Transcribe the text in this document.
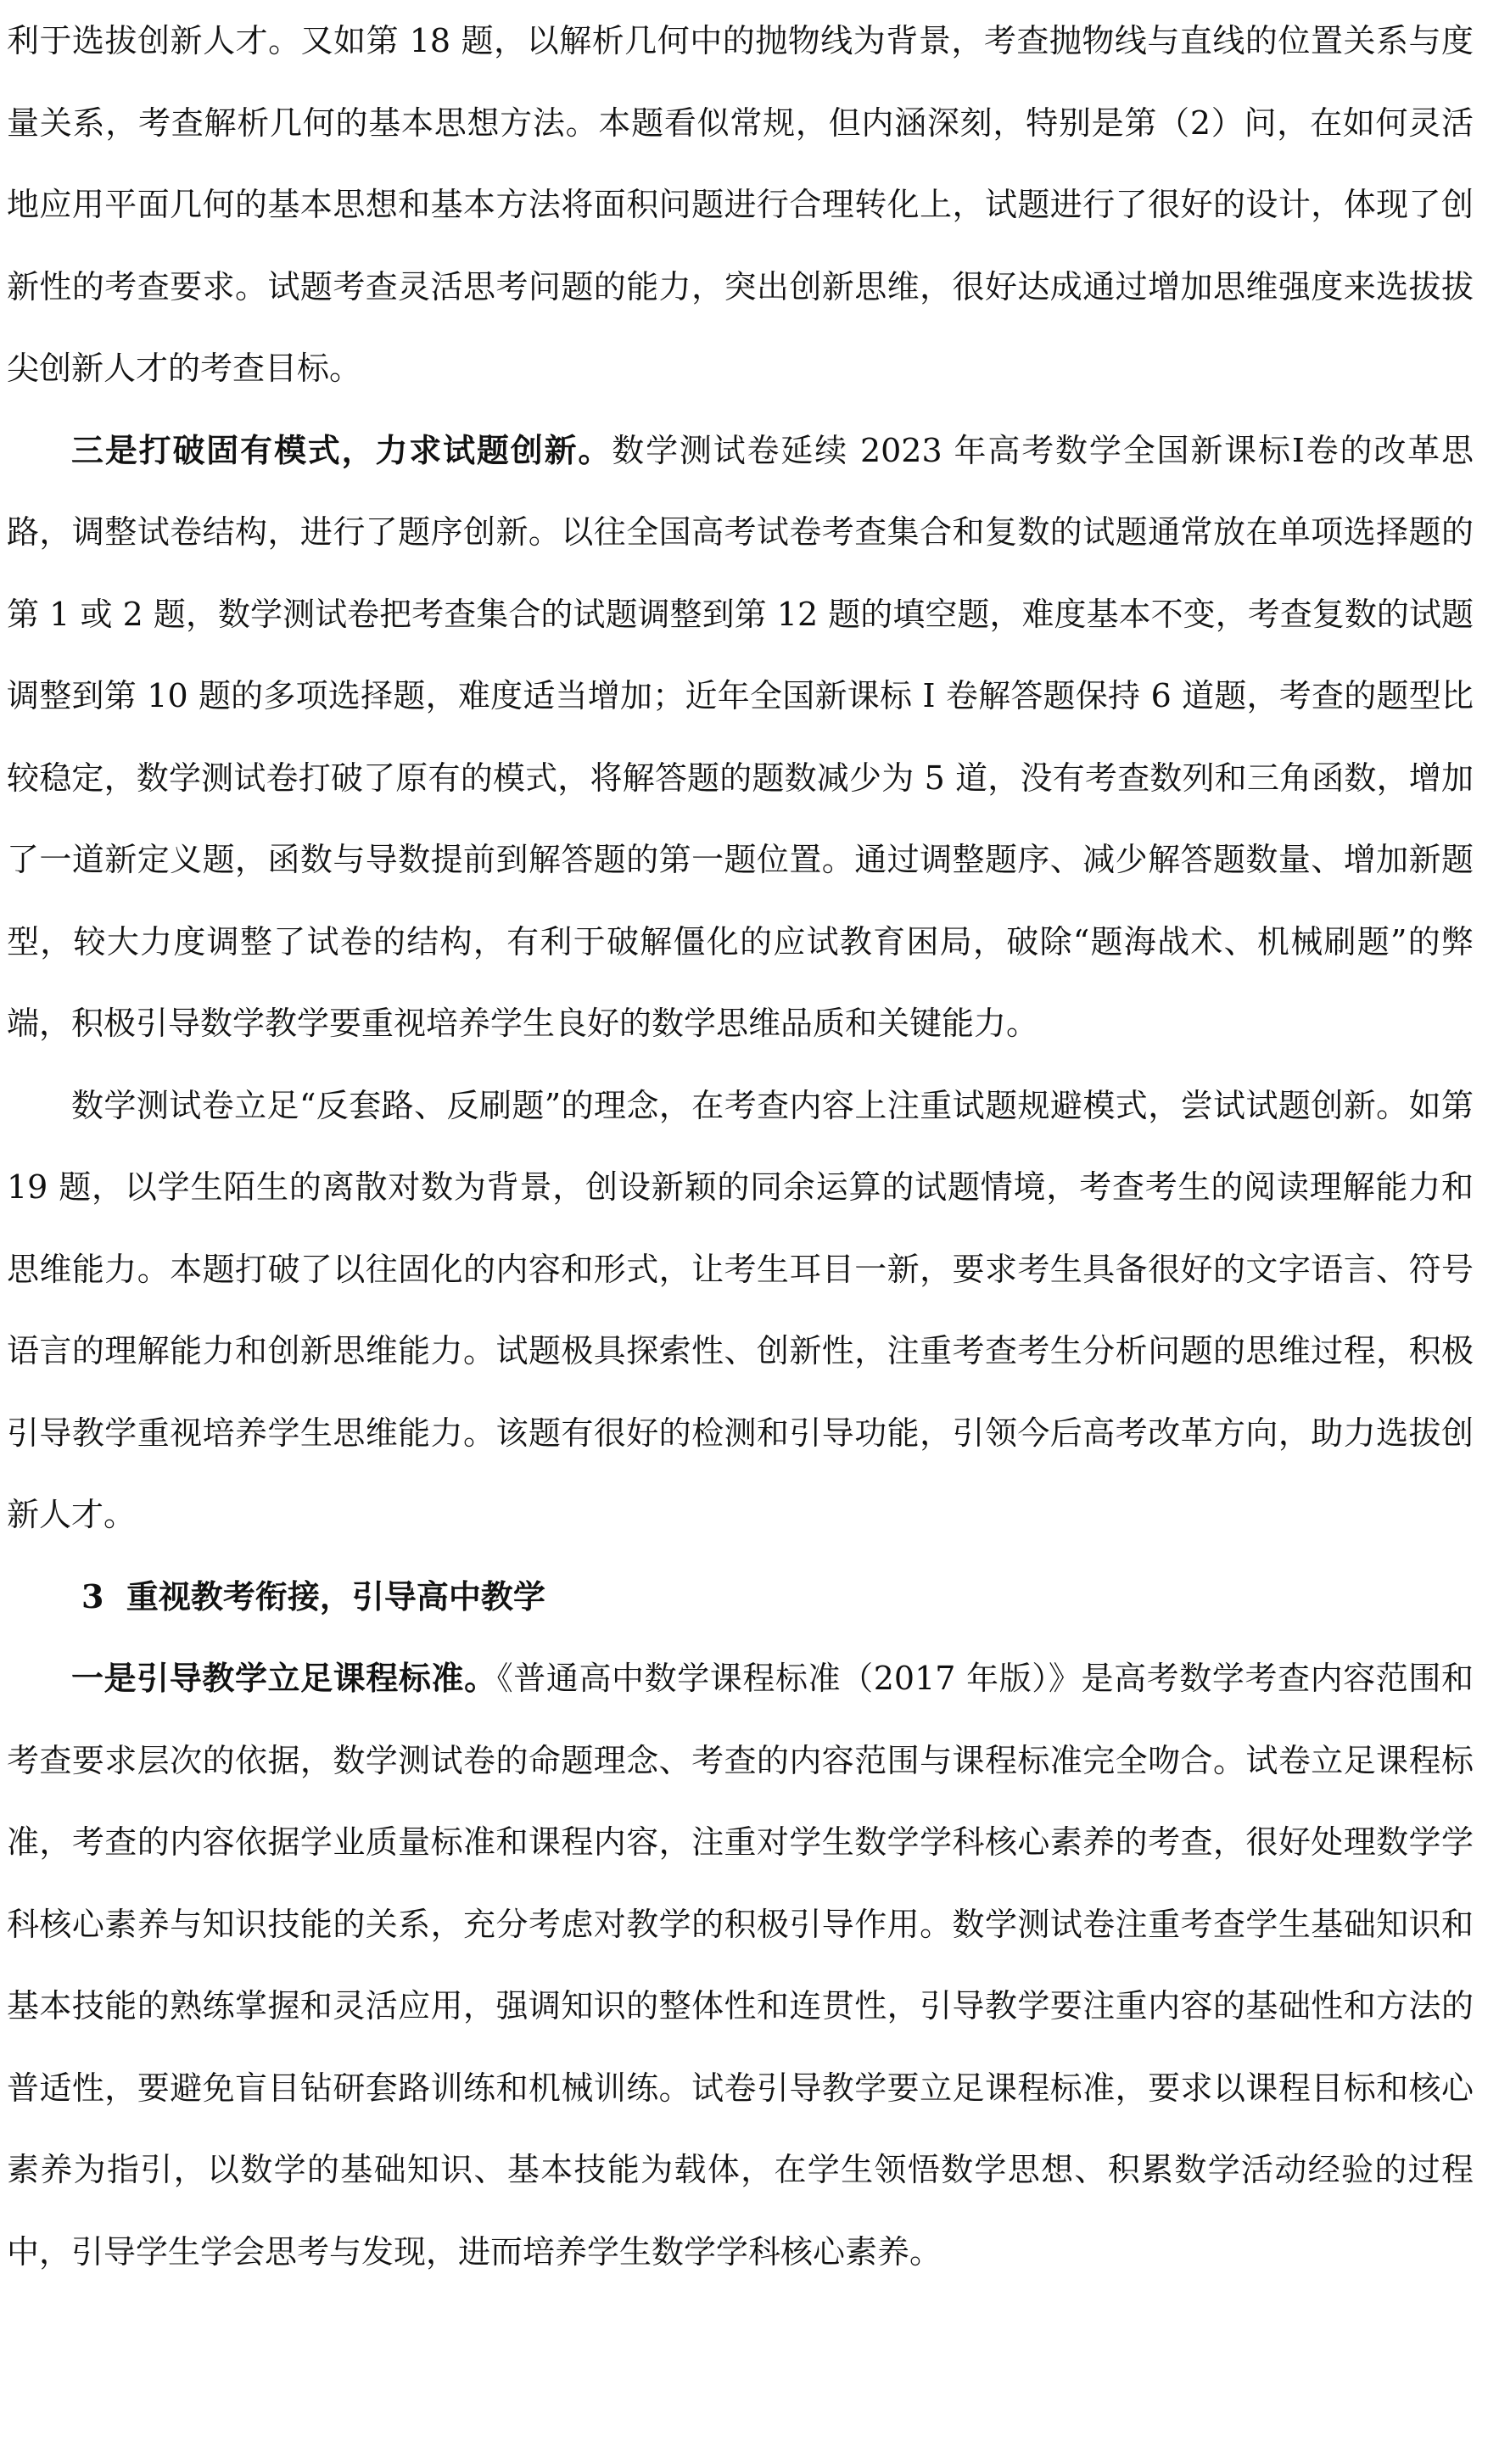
利于选拔创新人才。又如第 18 题，以解析几何中的抛物线为背景，考查抛物线与直线的位置关系与度量关系，考查解析几何的基本思想方法。本题看似常规，但内涵深刻，特别是第（2）问，在如何灵活地应用平面几何的基本思想和基本方法将面积问题进行合理转化上，试题进行了很好的设计，体现了创新性的考查要求。试题考查灵活思考问题的能力，突出创新思维，很好达成通过增加思维强度来选拔拔尖创新人才的考查目标。

三是打破固有模式，力求试题创新。数学测试卷延续 2023 年高考数学全国新课标I卷的改革思路，调整试卷结构，进行了题序创新。以往全国高考试卷考查集合和复数的试题通常放在单项选择题的第 1 或 2 题，数学测试卷把考查集合的试题调整到第 12 题的填空题，难度基本不变，考查复数的试题调整到第 10 题的多项选择题，难度适当增加；近年全国新课标 I 卷解答题保持 6 道题，考查的题型比较稳定，数学测试卷打破了原有的模式，将解答题的题数减少为 5 道，没有考查数列和三角函数，增加了一道新定义题，函数与导数提前到解答题的第一题位置。通过调整题序、减少解答题数量、增加新题型，较大力度调整了试卷的结构，有利于破解僵化的应试教育困局，破除“题海战术、机械刷题”的弊端，积极引导数学教学要重视培养学生良好的数学思维品质和关键能力。

数学测试卷立足“反套路、反刷题”的理念，在考查内容上注重试题规避模式，尝试试题创新。如第 19 题，以学生陌生的离散对数为背景，创设新颖的同余运算的试题情境，考查考生的阅读理解能力和思维能力。本题打破了以往固化的内容和形式，让考生耳目一新，要求考生具备很好的文字语言、符号语言的理解能力和创新思维能力。试题极具探索性、创新性，注重考查考生分析问题的思维过程，积极引导教学重视培养学生思维能力。该题有很好的检测和引导功能，引领今后高考改革方向，助力选拔创新人才。

3  重视教考衔接，引导高中教学

一是引导教学立足课程标准。《普通高中数学课程标准（2017 年版）》是高考数学考查内容范围和考查要求层次的依据，数学测试卷的命题理念、考查的内容范围与课程标准完全吻合。试卷立足课程标准，考查的内容依据学业质量标准和课程内容，注重对学生数学学科核心素养的考查，很好处理数学学科核心素养与知识技能的关系，充分考虑对教学的积极引导作用。数学测试卷注重考查学生基础知识和基本技能的熟练掌握和灵活应用，强调知识的整体性和连贯性，引导教学要注重内容的基础性和方法的普适性，要避免盲目钻研套路训练和机械训练。试卷引导教学要立足课程标准，要求以课程目标和核心素养为指引，以数学的基础知识、基本技能为载体，在学生领悟数学思想、积累数学活动经验的过程中，引导学生学会思考与发现，进而培养学生数学学科核心素养。
